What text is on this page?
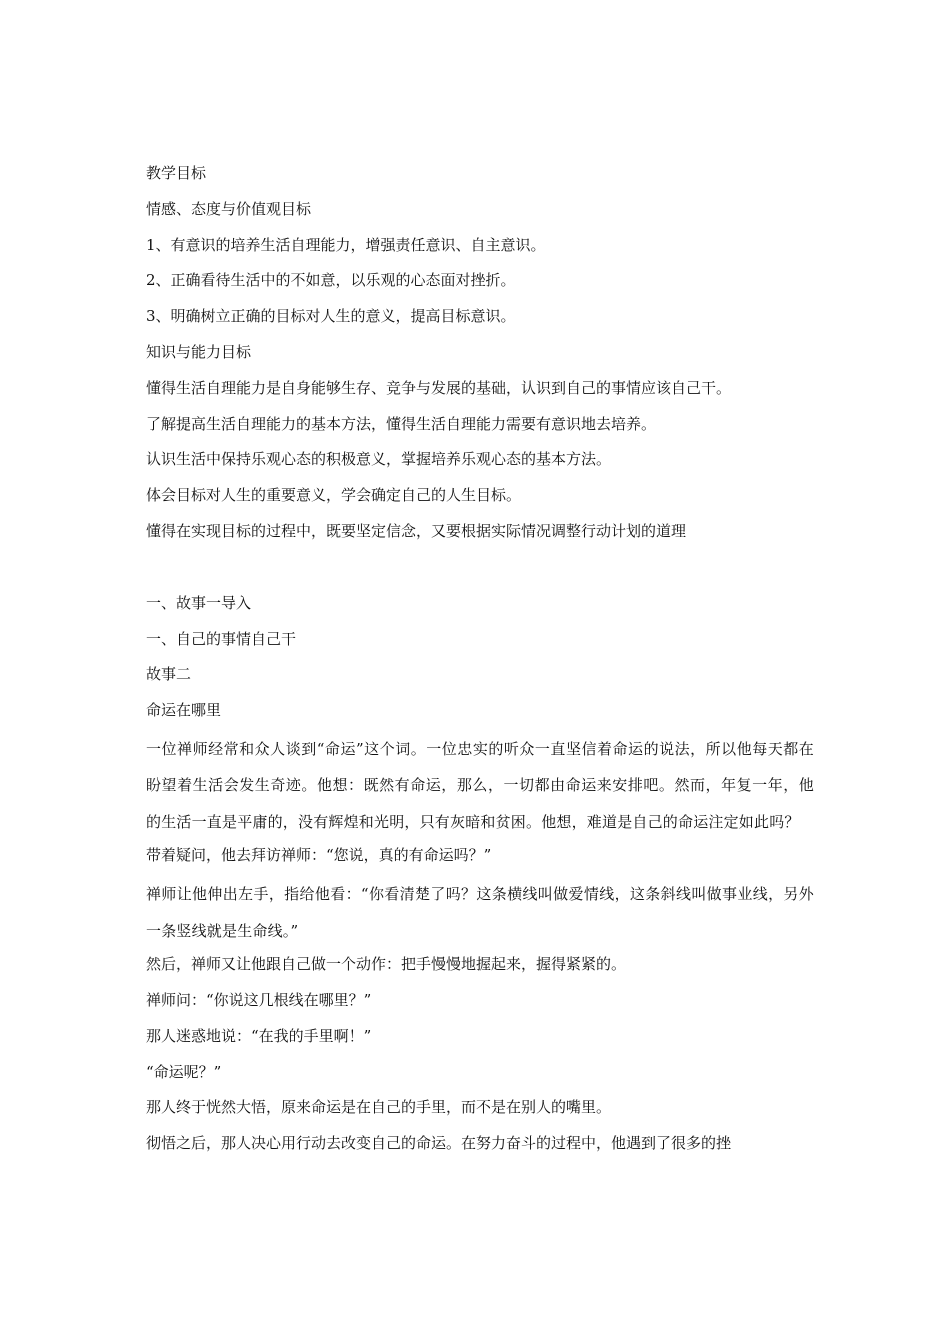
教学目标
情感、态度与价值观目标
1、有意识的培养生活自理能力，增强责任意识、自主意识。
2、正确看待生活中的不如意，以乐观的心态面对挫折。
3、明确树立正确的目标对人生的意义，提高目标意识。
知识与能力目标
懂得生活自理能力是自身能够生存、竞争与发展的基础，认识到自己的事情应该自己干。
了解提高生活自理能力的基本方法，懂得生活自理能力需要有意识地去培养。
认识生活中保持乐观心态的积极意义，掌握培养乐观心态的基本方法。
体会目标对人生的重要意义，学会确定自己的人生目标。
懂得在实现目标的过程中，既要坚定信念，又要根据实际情况调整行动计划的道理
一、故事一导入
一、自己的事情自己干
故事二
命运在哪里
一位禅师经常和众人谈到“命运”这个词。一位忠实的听众一直坚信着命运的说法，所以他每天都在盼望着生活会发生奇迹。他想：既然有命运，那么，一切都由命运来安排吧。然而，年复一年，他的生活一直是平庸的，没有辉煌和光明，只有灰暗和贫困。他想，难道是自己的命运注定如此吗？
带着疑问，他去拜访禅师：“您说，真的有命运吗？”
禅师让他伸出左手，指给他看：“你看清楚了吗？这条横线叫做爱情线，这条斜线叫做事业线，另外一条竖线就是生命线。”
然后，禅师又让他跟自己做一个动作：把手慢慢地握起来，握得紧紧的。
禅师问：“你说这几根线在哪里？”
那人迷惑地说：“在我的手里啊！”
“命运呢？”
那人终于恍然大悟，原来命运是在自己的手里，而不是在别人的嘴里。
彻悟之后，那人决心用行动去改变自己的命运。在努力奋斗的过程中，他遇到了很多的挫
